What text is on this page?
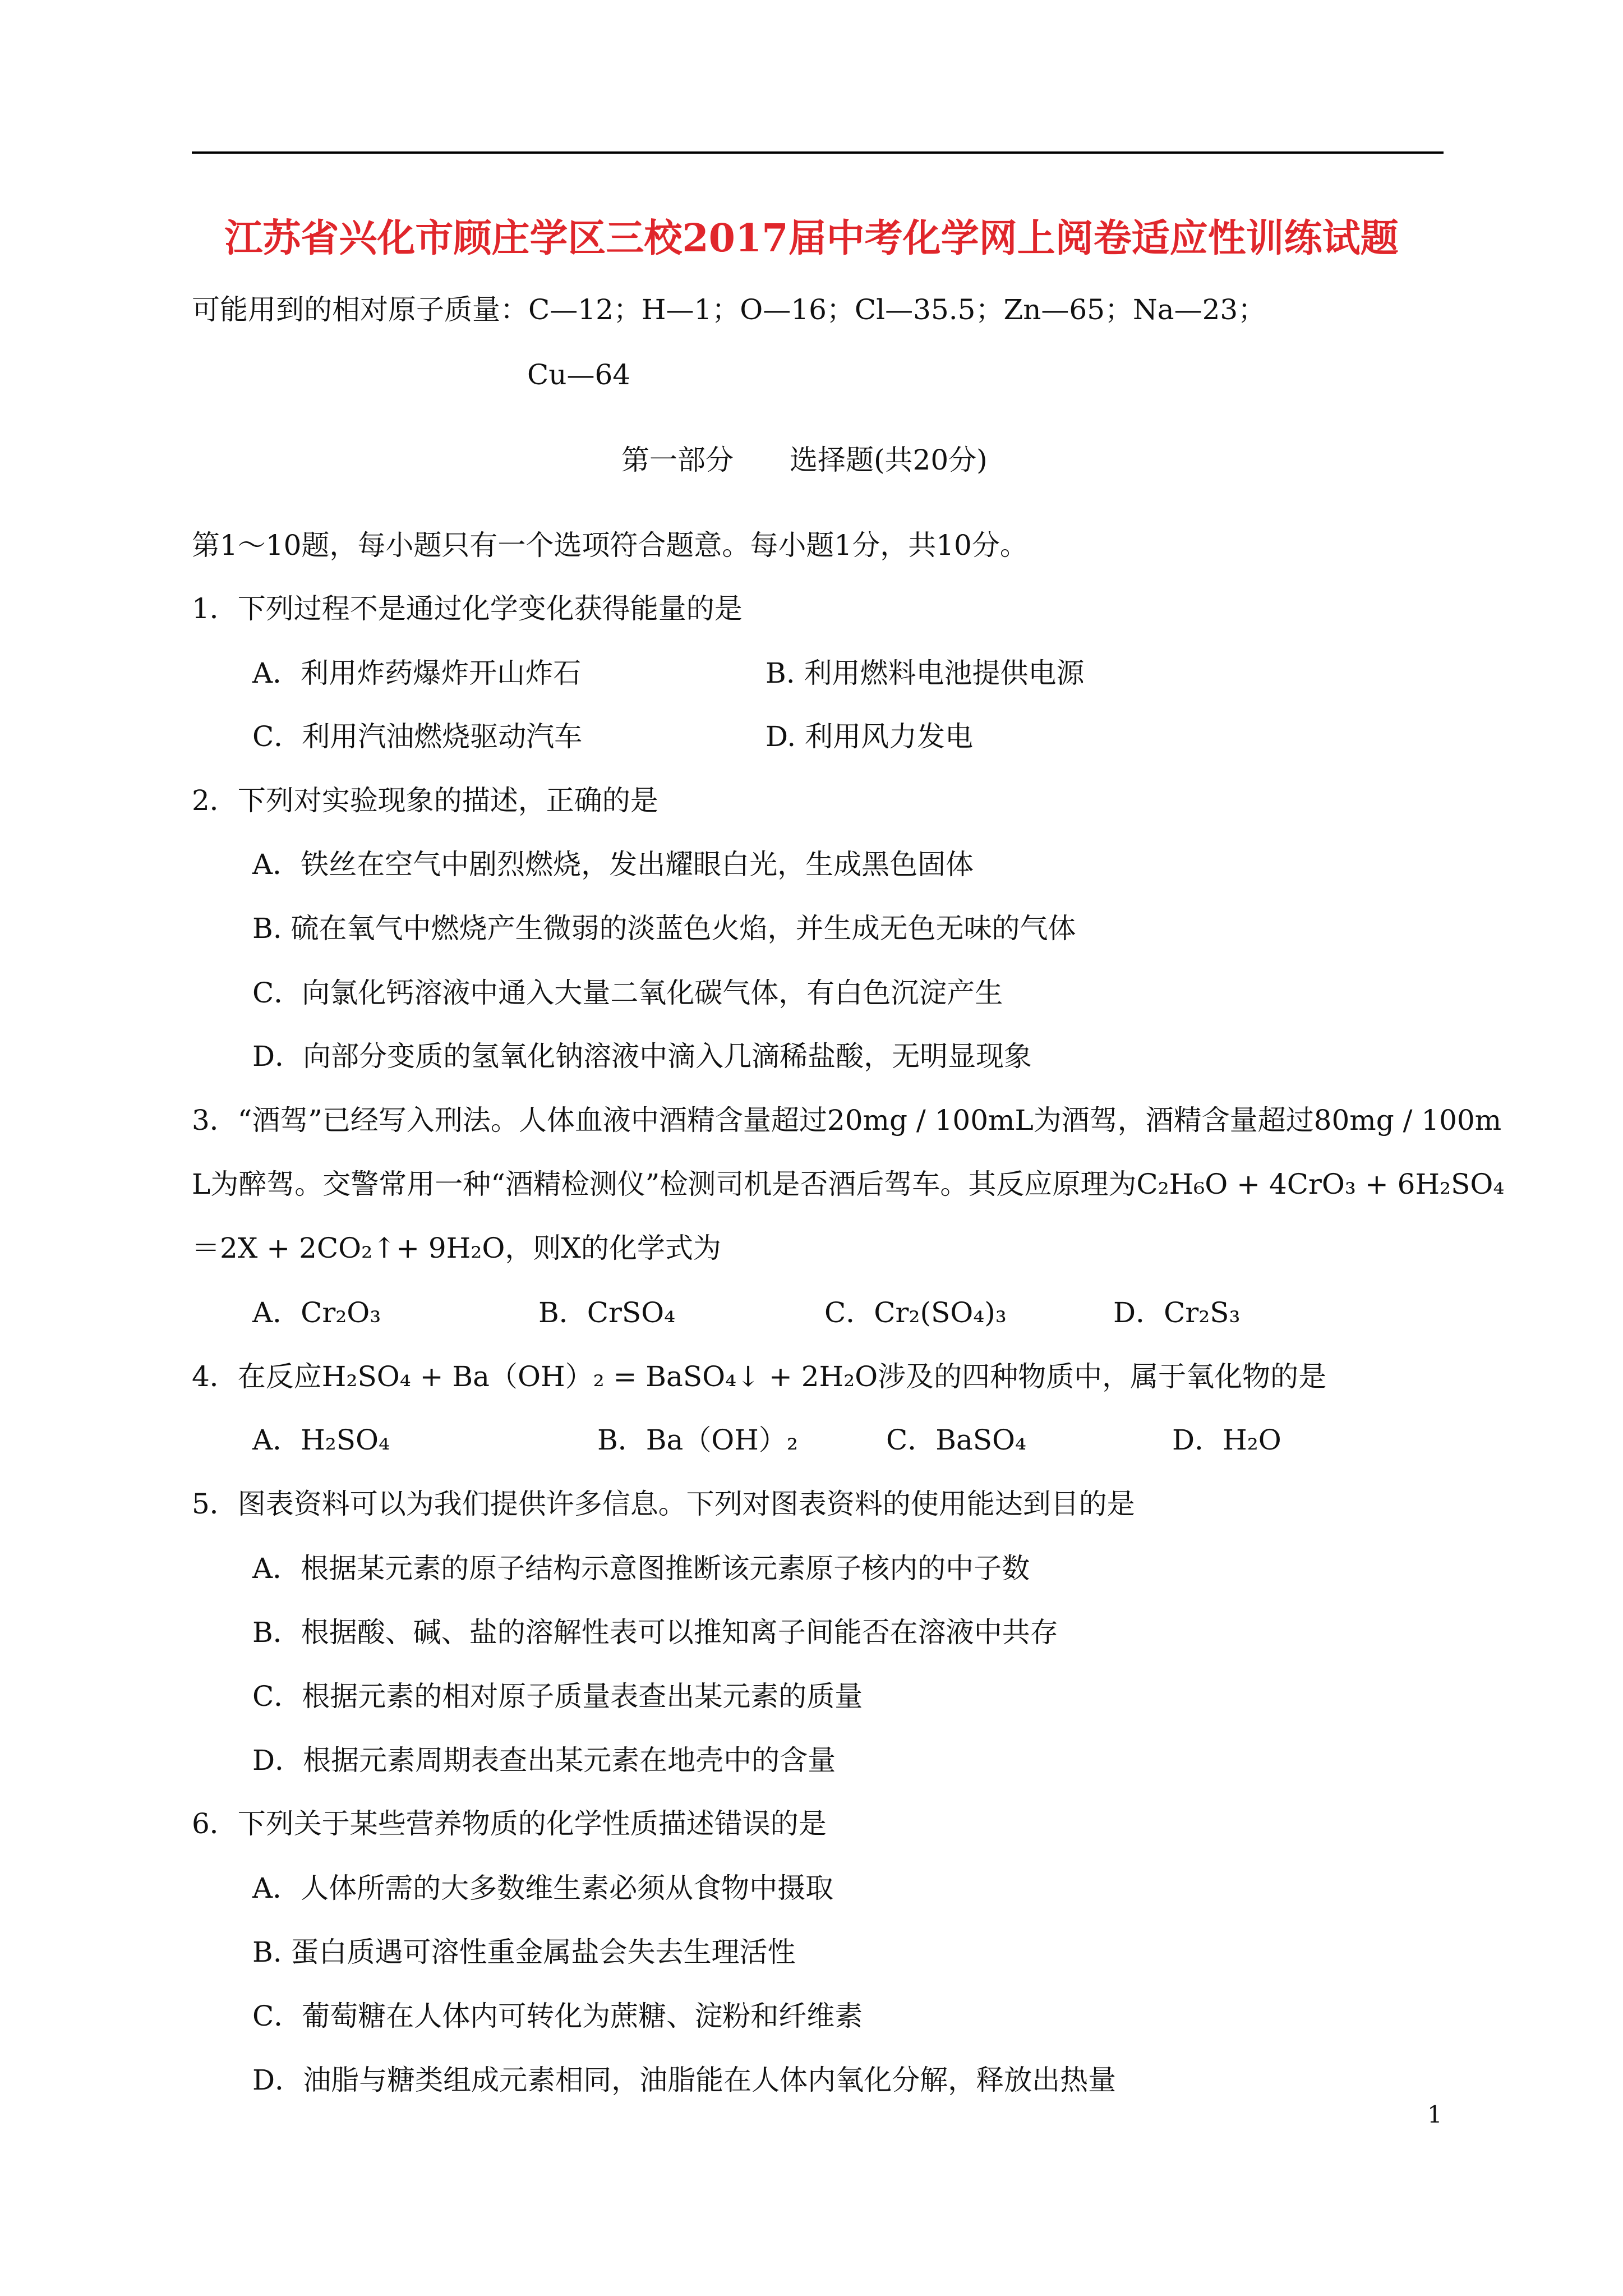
江苏省兴化市顾庄学区三校2017届中考化学网上阅卷适应性训练试题
可能用到的相对原子质量：C—12；H—1；O—16；Cl—35.5；Zn—65；Na—23；
Cu—64
第一部分　　选择题(共20分)
第1～10题，每小题只有一个选项符合题意。每小题1分，共10分。
1．下列过程不是通过化学变化获得能量的是
A．利用炸药爆炸开山炸石	B. 利用燃料电池提供电源
C．利用汽油燃烧驱动汽车	D. 利用风力发电
2．下列对实验现象的描述，正确的是
A．铁丝在空气中剧烈燃烧，发出耀眼白光，生成黑色固体
B. 硫在氧气中燃烧产生微弱的淡蓝色火焰，并生成无色无味的气体
C．向氯化钙溶液中通入大量二氧化碳气体，有白色沉淀产生
D．向部分变质的氢氧化钠溶液中滴入几滴稀盐酸，无明显现象
3．“酒驾”已经写入刑法。人体血液中酒精含量超过20mg / 100mL为酒驾，酒精含量超过80mg / 100m
L为醉驾。交警常用一种“酒精检测仪”检测司机是否酒后驾车。其反应原理为C₂H₆O + 4CrO₃ + 6H₂SO₄
＝2X + 2CO₂↑+ 9H₂O，则X的化学式为
A．Cr₂O₃	B．CrSO₄	C．Cr₂(SO₄)₃	D．Cr₂S₃
4．在反应H₂SO₄ + Ba（OH）₂ = BaSO₄↓ + 2H₂O涉及的四种物质中，属于氧化物的是
A．H₂SO₄	B．Ba（OH）₂	C．BaSO₄	D．H₂O
5．图表资料可以为我们提供许多信息。下列对图表资料的使用能达到目的是
A．根据某元素的原子结构示意图推断该元素原子核内的中子数
B．根据酸、碱、盐的溶解性表可以推知离子间能否在溶液中共存
C．根据元素的相对原子质量表查出某元素的质量
D．根据元素周期表查出某元素在地壳中的含量
6．下列关于某些营养物质的化学性质描述错误的是
A．人体所需的大多数维生素必须从食物中摄取
B. 蛋白质遇可溶性重金属盐会失去生理活性
C．葡萄糖在人体内可转化为蔗糖、淀粉和纤维素
D．油脂与糖类组成元素相同，油脂能在人体内氧化分解，释放出热量
1
